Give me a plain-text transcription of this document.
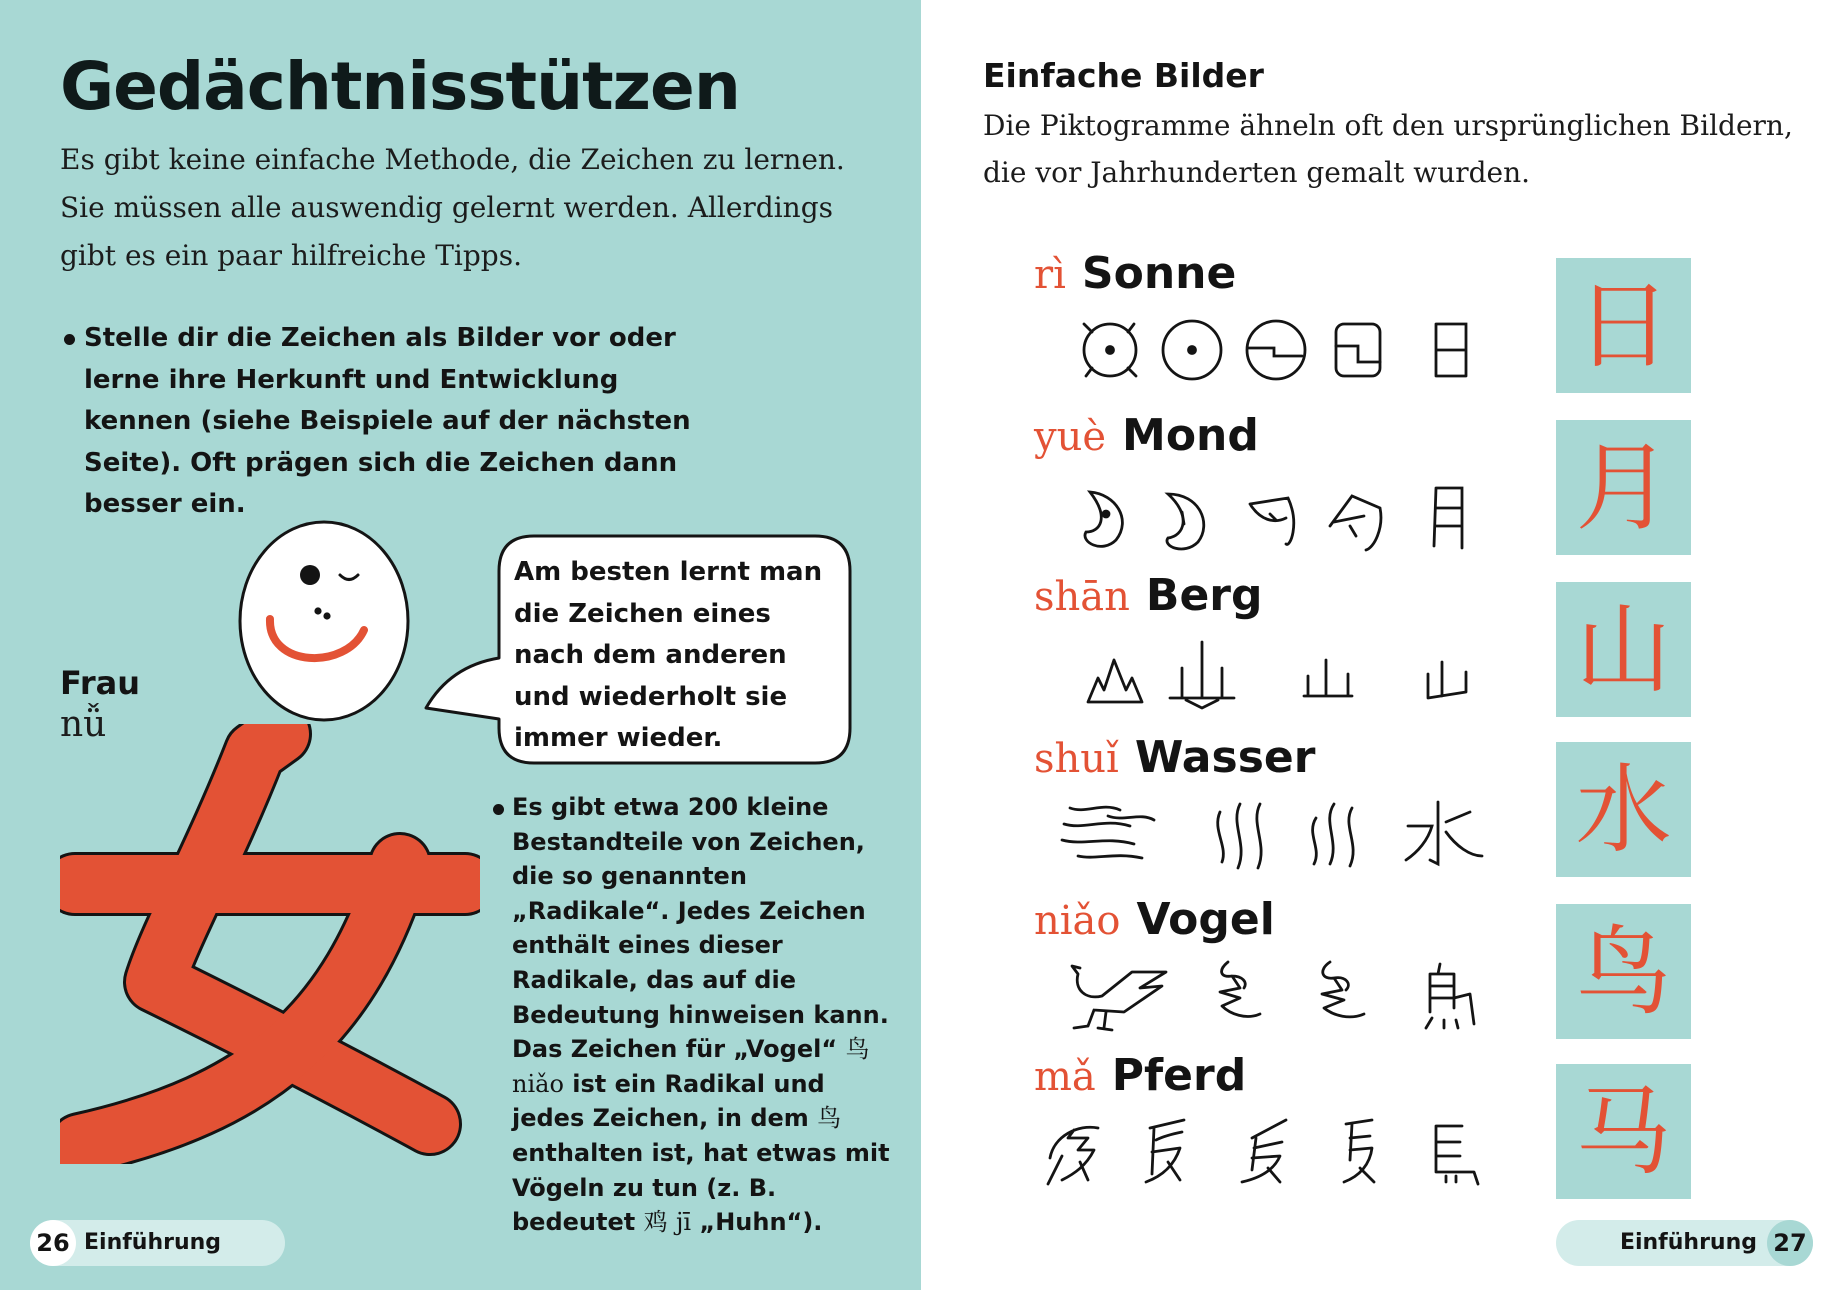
Gedächtnisstützen
Es gibt keine einfache Methode, die Zeichen zu lernen. Sie müssen alle auswendig gelernt werden. Allerdings gibt es ein paar hilfreiche Tipps.
Stelle dir die Zeichen als Bilder vor oder lerne ihre Herkunft und Entwicklung kennen (siehe Beispiele auf der nächsten Seite). Oft prägen sich die Zeichen dann besser ein.
Am besten lernt man die Zeichen eines nach dem anderen und wiederholt sie immer wieder.
Frau
nǚ
Es gibt etwa 200 kleine Bestandteile von Zeichen, die so genannten „Radikale“. Jedes Zeichen enthält eines dieser Radikale, das auf die Bedeutung hinweisen kann. Das Zeichen für „Vogel“ 鸟 niǎo ist ein Radikal und jedes Zeichen, in dem 鸟 enthalten ist, hat etwas mit Vögeln zu tun (z. B. bedeutet 鸡 jī „Huhn“).
26 Einführung
Einfache Bilder
Die Piktogramme ähneln oft den ursprünglichen Bildern, die vor Jahrhunderten gemalt wurden.
rì Sonne	日
yuè Mond	月
shān Berg	山
shuǐ Wasser	水
niǎo Vogel	鸟
mǎ Pferd	马
Einführung 27
